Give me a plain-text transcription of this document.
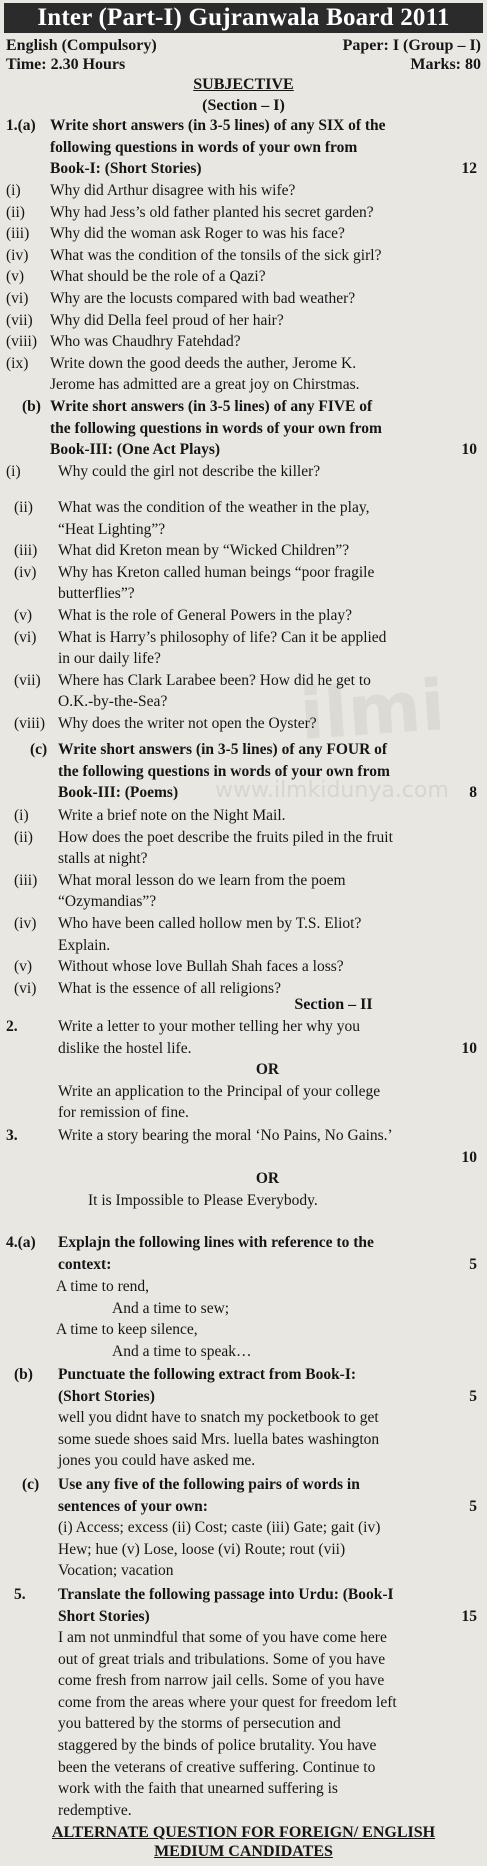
ilmi
www.ilmkidunya.com
Inter (Part-I) Gujranwala Board 2011
English (Compulsory)	Paper: I (Group – I)
Time: 2.30 Hours	Marks: 80
SUBJECTIVE
(Section – I)
1.(a) Write short answers (in 3-5 lines) of any SIX of the
following questions in words of your own from
Book-I: (Short Stories)	12
(i) Why did Arthur disagree with his wife?
(ii) Why had Jess’s old father planted his secret garden?
(iii) Why did the woman ask Roger to was his face?
(iv) What was the condition of the tonsils of the sick girl?
(v) What should be the role of a Qazi?
(vi) Why are the locusts compared with bad weather?
(vii) Why did Della feel proud of her hair?
(viii) Who was Chaudhry Fatehdad?
(ix) Write down the good deeds the auther, Jerome K.
Jerome has admitted are a great joy on Chirstmas.
(b) Write short answers (in 3-5 lines) of any FIVE of
the following questions in words of your own from
Book-III: (One Act Plays)	10
(i) Why could the girl not describe the killer?
(ii) What was the condition of the weather in the play,
“Heat Lighting”?
(iii) What did Kreton mean by “Wicked Children”?
(iv) Why has Kreton called human beings “poor fragile
butterflies”?
(v) What is the role of General Powers in the play?
(vi) What is Harry’s philosophy of life? Can it be applied
in our daily life?
(vii) Where has Clark Larabee been? How did he get to
O.K.-by-the-Sea?
(viii) Why does the writer not open the Oyster?
(c) Write short answers (in 3-5 lines) of any FOUR of
the following questions in words of your own from
Book-III: (Poems)	8
(i) Write a brief note on the Night Mail.
(ii) How does the poet describe the fruits piled in the fruit
stalls at night?
(iii) What moral lesson do we learn from the poem
“Ozymandias”?
(iv) Who have been called hollow men by T.S. Eliot?
Explain.
(v) Without whose love Bullah Shah faces a loss?
(vi) What is the essence of all religions?
Section – II
2.	Write a letter to your mother telling her why you
dislike the hostel life.	10
OR
Write an application to the Principal of your college
for remission of fine.
3.	Write a story bearing the moral ‘No Pains, No Gains.’
10
OR
It is Impossible to Please Everybody.
4.(a) Explajn the following lines with reference to the
context:	5
A time to rend,
And a time to sew;
A time to keep silence,
And a time to speak…
(b) Punctuate the following extract from Book-I:
(Short Stories)	5
well you didnt have to snatch my pocketbook to get
some suede shoes said Mrs. luella bates washington
jones you could have asked me.
(c) Use any five of the following pairs of words in
sentences of your own:	5
(i) Access; excess (ii) Cost; caste (iii) Gate; gait (iv)
Hew; hue (v) Lose, loose (vi) Route; rout (vii)
Vocation; vacation
5. Translate the following passage into Urdu: (Book-I
Short Stories)	15
I am not unmindful that some of you have come here
out of great trials and tribulations. Some of you have
come fresh from narrow jail cells. Some of you have
come from the areas where your quest for freedom left
you battered by the storms of persecution and
staggered by the binds of police brutality. You have
been the veterans of creative suffering. Continue to
work with the faith that unearned suffering is
redemptive.
ALTERNATE QUESTION FOR FOREIGN/ ENGLISH
MEDIUM CANDIDATES
